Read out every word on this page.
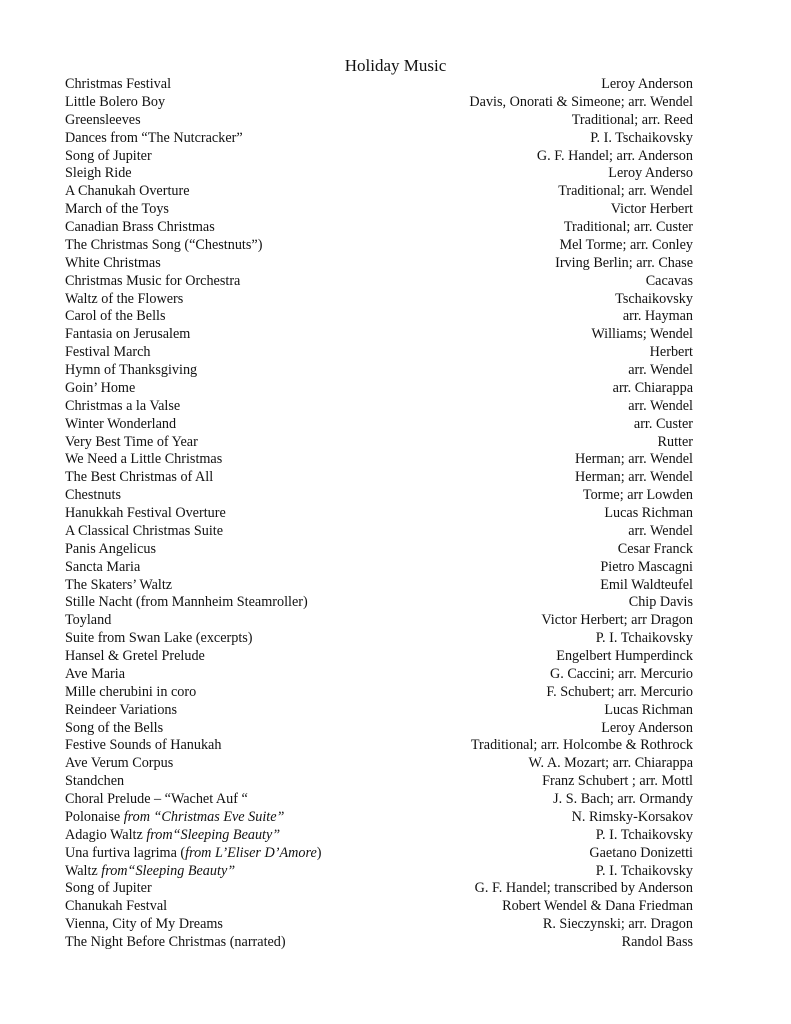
Holiday Music
Christmas Festival	Leroy Anderson
Little Bolero Boy	Davis, Onorati & Simeone; arr. Wendel
Greensleeves	Traditional; arr. Reed
Dances from “The Nutcracker”	P. I. Tschaikovsky
Song of Jupiter	G. F. Handel; arr. Anderson
Sleigh Ride	Leroy Anderso
A Chanukah Overture	Traditional; arr. Wendel
March of the Toys	Victor Herbert
Canadian Brass Christmas	Traditional; arr. Custer
The Christmas Song (“Chestnuts”)	Mel Torme; arr. Conley
White Christmas	Irving Berlin; arr. Chase
Christmas Music for Orchestra	Cacavas
Waltz of the Flowers	Tschaikovsky
Carol of the Bells	arr. Hayman
Fantasia on Jerusalem	Williams; Wendel
Festival March	Herbert
Hymn of Thanksgiving	arr. Wendel
Goin’ Home	arr. Chiarappa
Christmas a la Valse	arr. Wendel
Winter Wonderland	arr. Custer
Very Best Time of Year	Rutter
We Need a Little Christmas	Herman; arr. Wendel
The Best Christmas of All	Herman; arr. Wendel
Chestnuts	Torme; arr Lowden
Hanukkah Festival Overture	Lucas Richman
A Classical Christmas Suite	arr. Wendel
Panis Angelicus	Cesar Franck
Sancta Maria	Pietro Mascagni
The Skaters’ Waltz	Emil Waldteufel
Stille Nacht (from Mannheim Steamroller)	Chip Davis
Toyland	Victor Herbert; arr Dragon
Suite from Swan Lake (excerpts)	P. I. Tchaikovsky
Hansel & Gretel Prelude	Engelbert Humperdinck
Ave Maria	G. Caccini; arr. Mercurio
Mille cherubini in coro	F. Schubert; arr. Mercurio
Reindeer Variations	Lucas Richman
Song of the Bells	Leroy Anderson
Festive Sounds of Hanukah	Traditional; arr. Holcombe & Rothrock
Ave Verum Corpus	W. A. Mozart; arr. Chiarappa
Standchen	Franz Schubert ; arr. Mottl
Choral Prelude – “Wachet Auf “	J. S. Bach; arr. Ormandy
Polonaise from “Christmas Eve Suite”	N. Rimsky-Korsakov
Adagio Waltz from“Sleeping Beauty”	P. I. Tchaikovsky
Una furtiva lagrima (from L’Eliser D’Amore)	Gaetano Donizetti
Waltz from“Sleeping Beauty”	P. I. Tchaikovsky
Song of Jupiter	G. F. Handel; transcribed by Anderson
Chanukah Festval	Robert Wendel & Dana Friedman
Vienna, City of My Dreams	R. Sieczynski; arr. Dragon
The Night Before Christmas (narrated)	Randol Bass
